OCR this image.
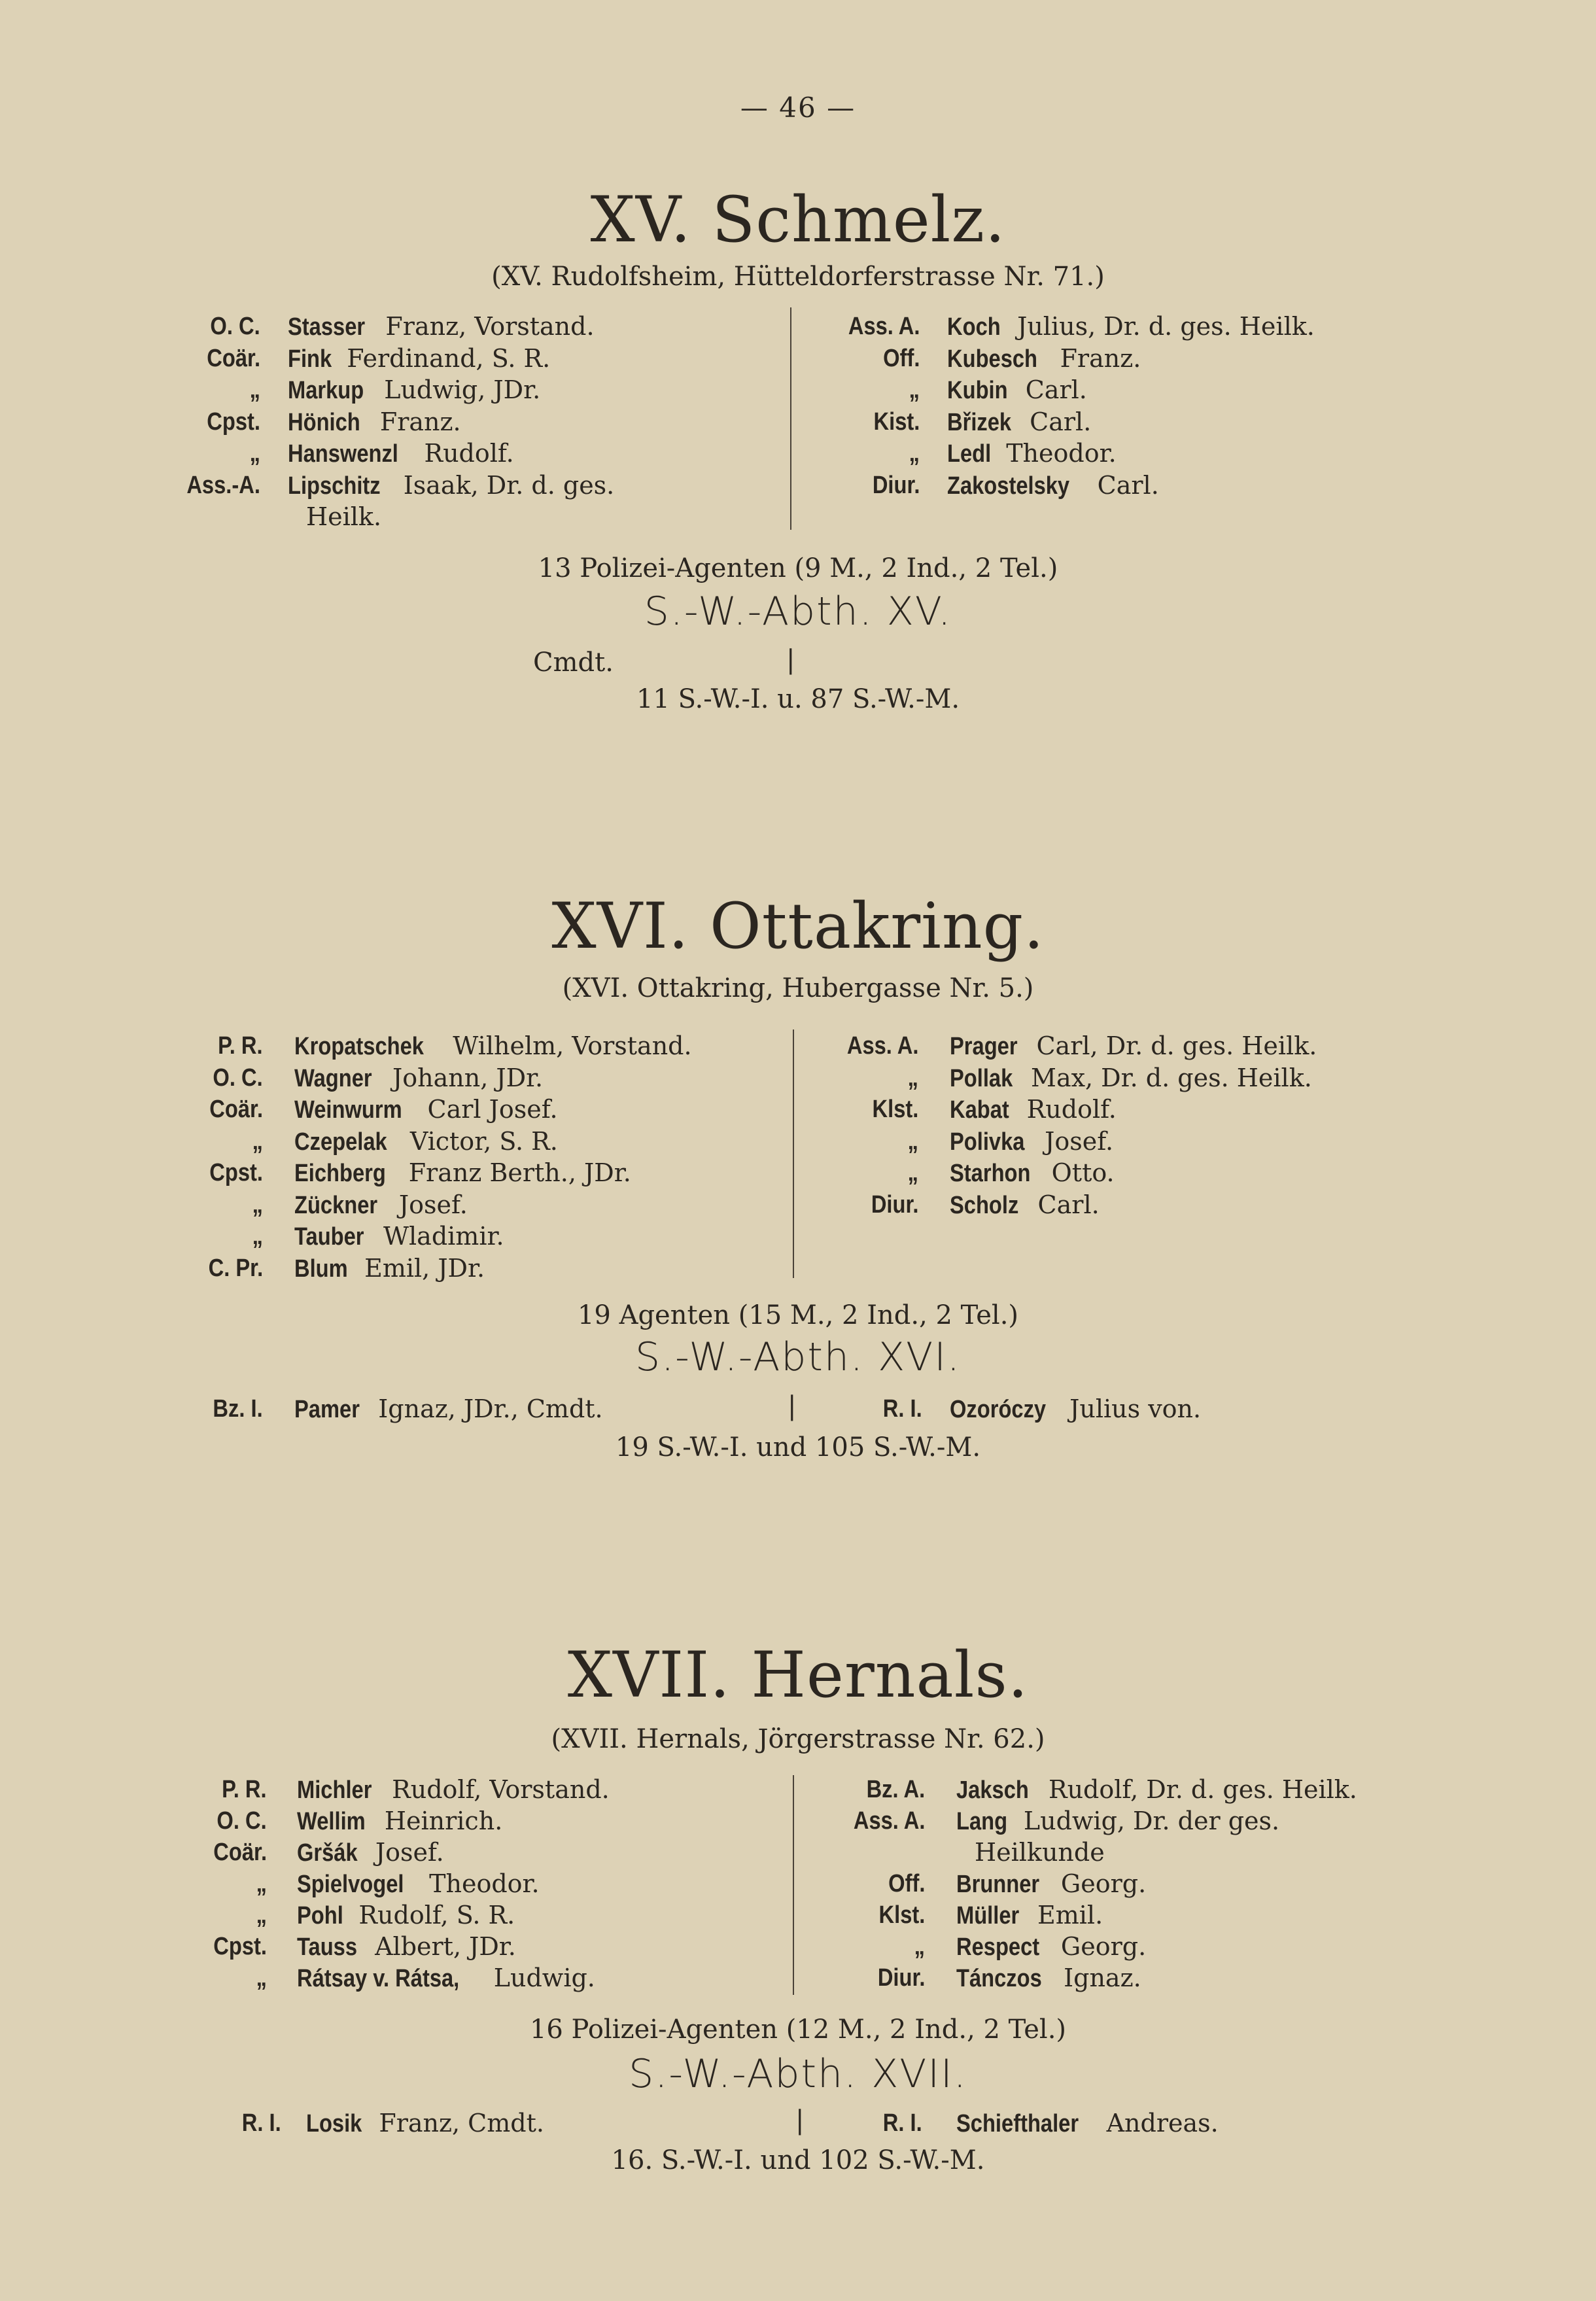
— 46 —
XV. Schmelz.
(XV. Rudolfsheim, Hütteldorferstrasse Nr. 71.)
O. C. Stasser Franz, Vorstand.
Coär. Fink Ferdinand, S. R.
„ Markup Ludwig, JDr.
Cpst. Hönich Franz.
„ Hanswenzl Rudolf.
Ass.-A. Lipschitz Isaak, Dr. d. ges.
Heilk.
Ass. A. Koch Julius, Dr. d. ges. Heilk.
Off. Kubesch Franz.
„ Kubin Carl.
Kist. Břizek Carl.
„ Ledl Theodor.
Diur. Zakostelsky Carl.
13 Polizei-Agenten (9 M., 2 Ind., 2 Tel.)
S.-W.-Abth. XV.
Cmdt.	|
11 S.-W.-I. u. 87 S.-W.-M.
XVI. Ottakring.
(XVI. Ottakring, Hubergasse Nr. 5.)
P. R. Kropatschek Wilhelm, Vorstand.
O. C. Wagner Johann, JDr.
Coär. Weinwurm Carl Josef.
„ Czepelak Victor, S. R.
Cpst. Eichberg Franz Berth., JDr.
„ Zückner Josef.
„ Tauber Wladimir.
C. Pr. Blum Emil, JDr.
Ass. A. Prager Carl, Dr. d. ges. Heilk.
„ Pollak Max, Dr. d. ges. Heilk.
Klst. Kabat Rudolf.
„ Polivka Josef.
„ Starhon Otto.
Diur. Scholz Carl.
19 Agenten (15 M., 2 Ind., 2 Tel.)
S.-W.-Abth. XVI.
Bz. I. Pamer Ignaz, JDr., Cmdt.	|	R. I. Ozoróczy Julius von.
19 S.-W.-I. und 105 S.-W.-M.
XVII. Hernals.
(XVII. Hernals, Jörgerstrasse Nr. 62.)
P. R. Michler Rudolf, Vorstand.
O. C. Wellim Heinrich.
Coär. Gršák Josef.
„ Spielvogel Theodor.
„ Pohl Rudolf, S. R.
Cpst. Tauss Albert, JDr.
„ Rátsay v. Rátsa, Ludwig.
Bz. A. Jaksch Rudolf, Dr. d. ges. Heilk.
Ass. A. Lang Ludwig, Dr. der ges.
Heilkunde
Off. Brunner Georg.
Klst. Müller Emil.
„ Respect Georg.
Diur. Tánczos Ignaz.
16 Polizei-Agenten (12 M., 2 Ind., 2 Tel.)
S.-W.-Abth. XVII.
R. I. Losik Franz, Cmdt.	|	R. I. Schiefthaler Andreas.
16. S.-W.-I. und 102 S.-W.-M.
